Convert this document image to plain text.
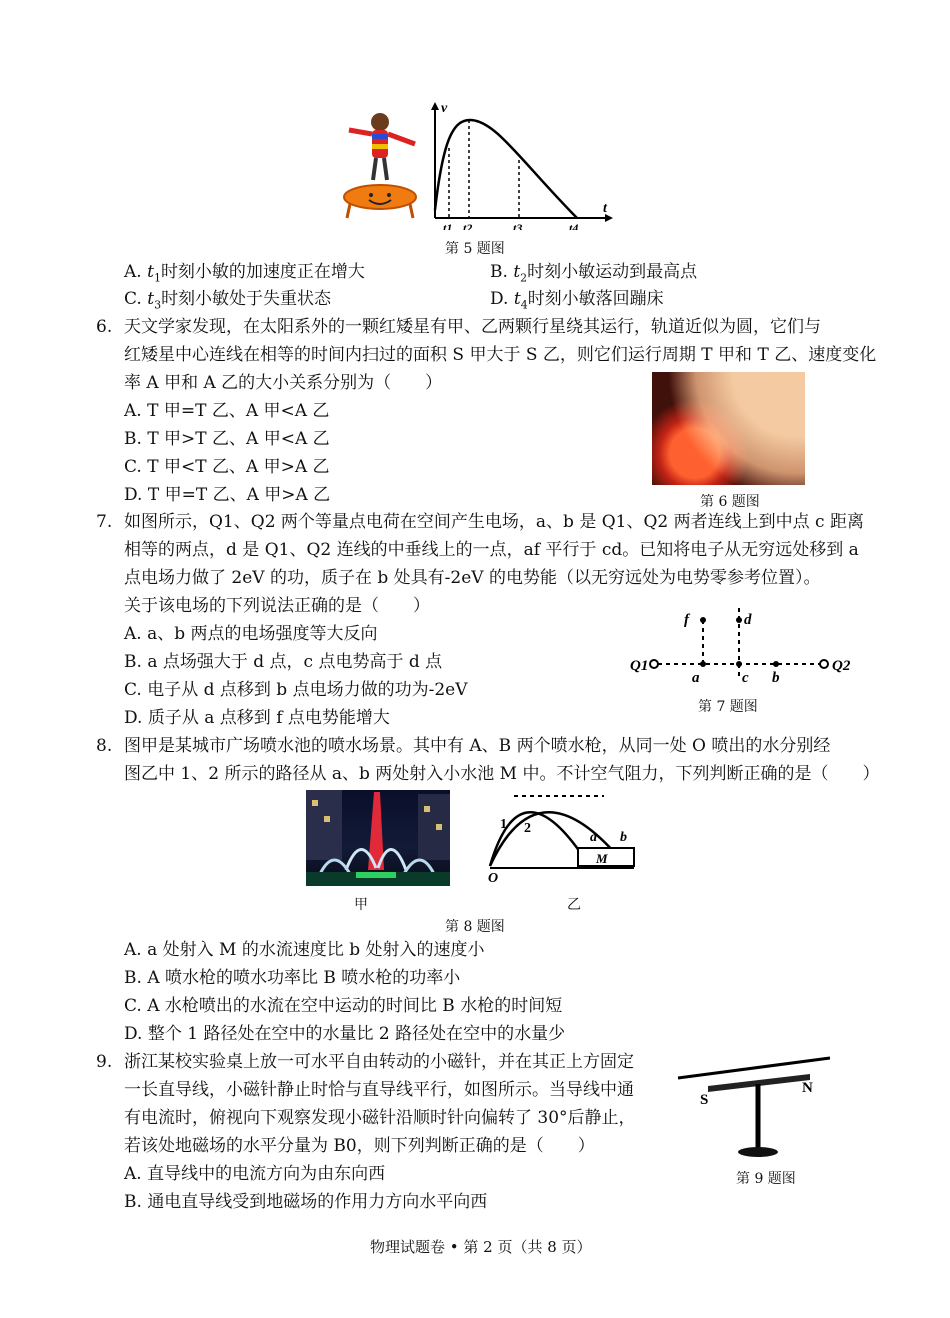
v
t
t1 t2	t3	t4
第 5 题图
A. $t_1$时刻小敏的加速度正在增大	B. $t_2$时刻小敏运动到最高点
C. $t_3$时刻小敏处于失重状态	D. $t_4$时刻小敏落回蹦床
6. 天文学家发现，在太阳系外的一颗红矮星有甲、乙两颗行星绕其运行，轨道近似为圆，它们与
红矮星中心连线在相等的时间内扫过的面积 S 甲大于 S 乙，则它们运行周期 T 甲和 T 乙、速度变化
率 A 甲和 A 乙的大小关系分别为（　　）
A. T 甲=T 乙、A 甲<A 乙
B. T 甲>T 乙、A 甲<A 乙
C. T 甲<T 乙、A 甲>A 乙
D. T 甲=T 乙、A 甲>A 乙	第 6 题图
7. 如图所示，Q1、Q2 两个等量点电荷在空间产生电场，a、b 是 Q1、Q2 两者连线上到中点 c 距离
相等的两点，d 是 Q1、Q2 连线的中垂线上的一点，af 平行于 cd。已知将电子从无穷远处移到 a
点电场力做了 2eV 的功，质子在 b 处具有-2eV 的电势能（以无穷远处为电势零参考位置）。
关于该电场的下列说法正确的是（　　）
A. a、b 两点的电场强度等大反向
B. a 点场强大于 d 点，c 点电势高于 d 点
C. 电子从 d 点移到 b 点电场力做的功为-2eV
D. 质子从 a 点移到 f 点电势能增大
Q1	Q2
f	d
a	c b
第 7 题图
8. 图甲是某城市广场喷水池的喷水场景。其中有 A、B 两个喷水枪，从同一处 O 喷出的水分别经
图乙中 1、2 所示的路径从 a、b 两处射入小水池 M 中。不计空气阻力，下列判断正确的是（　　）
1 2
a b
M
O
甲	乙
第 8 题图
A. a 处射入 M 的水流速度比 b 处射入的速度小
B. A 喷水枪的喷水功率比 B 喷水枪的功率小
C. A 水枪喷出的水流在空中运动的时间比 B 水枪的时间短
D. 整个 1 路径处在空中的水量比 2 路径处在空中的水量少
9. 浙江某校实验桌上放一可水平自由转动的小磁针，并在其正上方固定
一长直导线，小磁针静止时恰与直导线平行，如图所示。当导线中通
有电流时，俯视向下观察发现小磁针沿顺时针向偏转了 30°后静止，
若该处地磁场的水平分量为 B0，则下列判断正确的是（　　）
A. 直导线中的电流方向为由东向西
B. 通电直导线受到地磁场的作用力方向水平向西
S
N
第 9 题图
物理试题卷 • 第 2 页（共 8 页）
